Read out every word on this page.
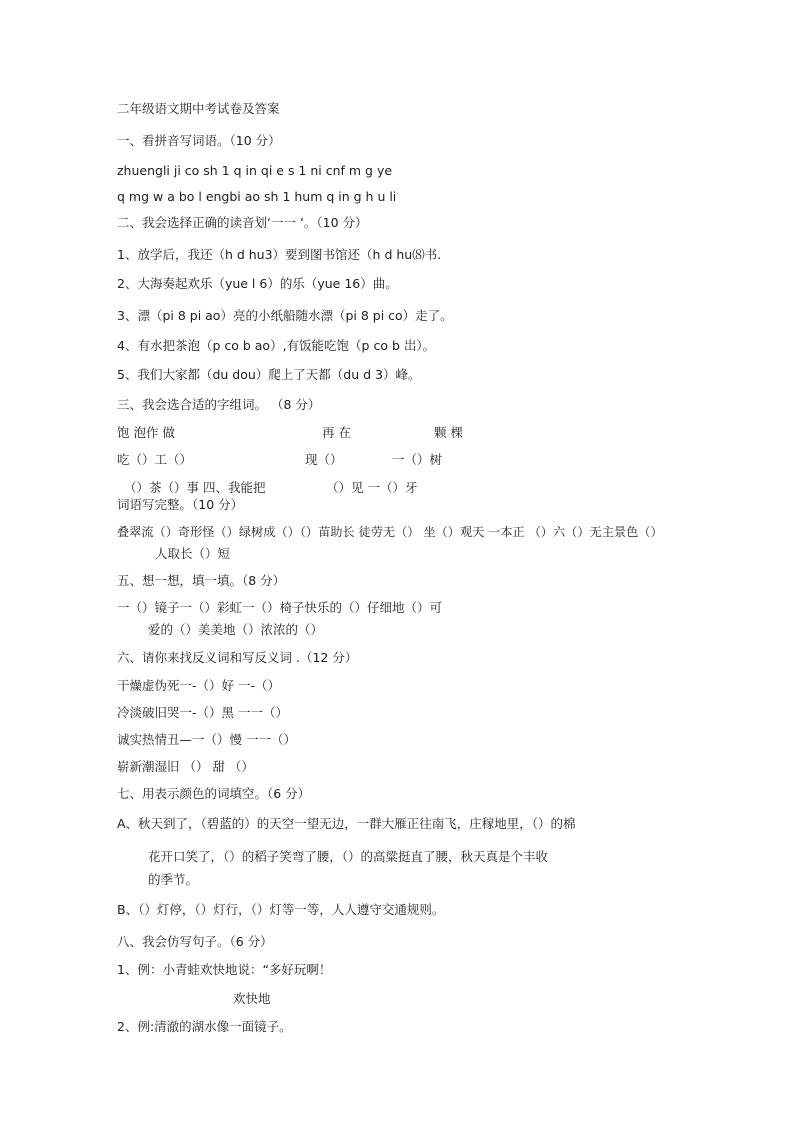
二年级语文期中考试卷及答案

一、看拼音写词语。（10 分）

zhuengli ji co sh 1 q in qi e s 1 ni cnf m g ye

q mg w a bo l engbi ao sh 1 hum q in g h u li

二、我会选择正确的读音划‘一一 ‘。（10 分）

1、放学后，我还（h d hu3）要到图书馆还（h d hu⑻书.

2、大海奏起欢乐（yue l 6）的乐（yue 16）曲。

3、漂（pi 8 pi ao）亮的小纸船随水漂（pi 8 pi co）走了。

4、有水把茶泡（p co b ao）,有饭能吃饱（p co b 岀）。

5、我们大家都（du dou）爬上了天都（du d 3）峰。

三、我会选合适的字组词。 （8 分）

饱 泡作 做	再 在	颗 棵

吃（）工（）	现（）	一（）树

（）茶（）事 四、我能把	（）见 一（）牙

词语写完整。（10 分）

叠翠流（）奇形怪（）绿树成（）（）苗助长 徒劳无（） 坐（）观天 一本正 （）六（）无主景色（）

人取长（）短

五、想一想，填一填。（8 分）

一（）镜子一（）彩虹一（）椅子快乐的（）仔细地（）可

爱的（）美美地（）浓浓的（）

六、请你来找反义词和写反义词 .（12 分）

干燥虚伪死一-（）好 一-（）

冷淡破旧哭一-（）黑 一一（）

诚实热情丑—一（）慢 一一（）

崭新潮湿旧 （） 甜 （）

七、用表示颜色的词填空。（6 分）

A、秋天到了，（碧蓝的）的天空一望无边，一群大雁正往南飞，庄稼地里，（）的棉

花开口笑了，（）的稻子笑弯了腰，（）的高粱挺直了腰，秋天真是个丰收

的季节。

B、（）灯停，（）灯行，（）灯等一等，人人遵守交通规则。

八、我会仿写句子。（6 分）

1、例：小青蛙欢快地说：“多好玩啊！

欢快地

2、例:清澈的湖水像一面镜子。
